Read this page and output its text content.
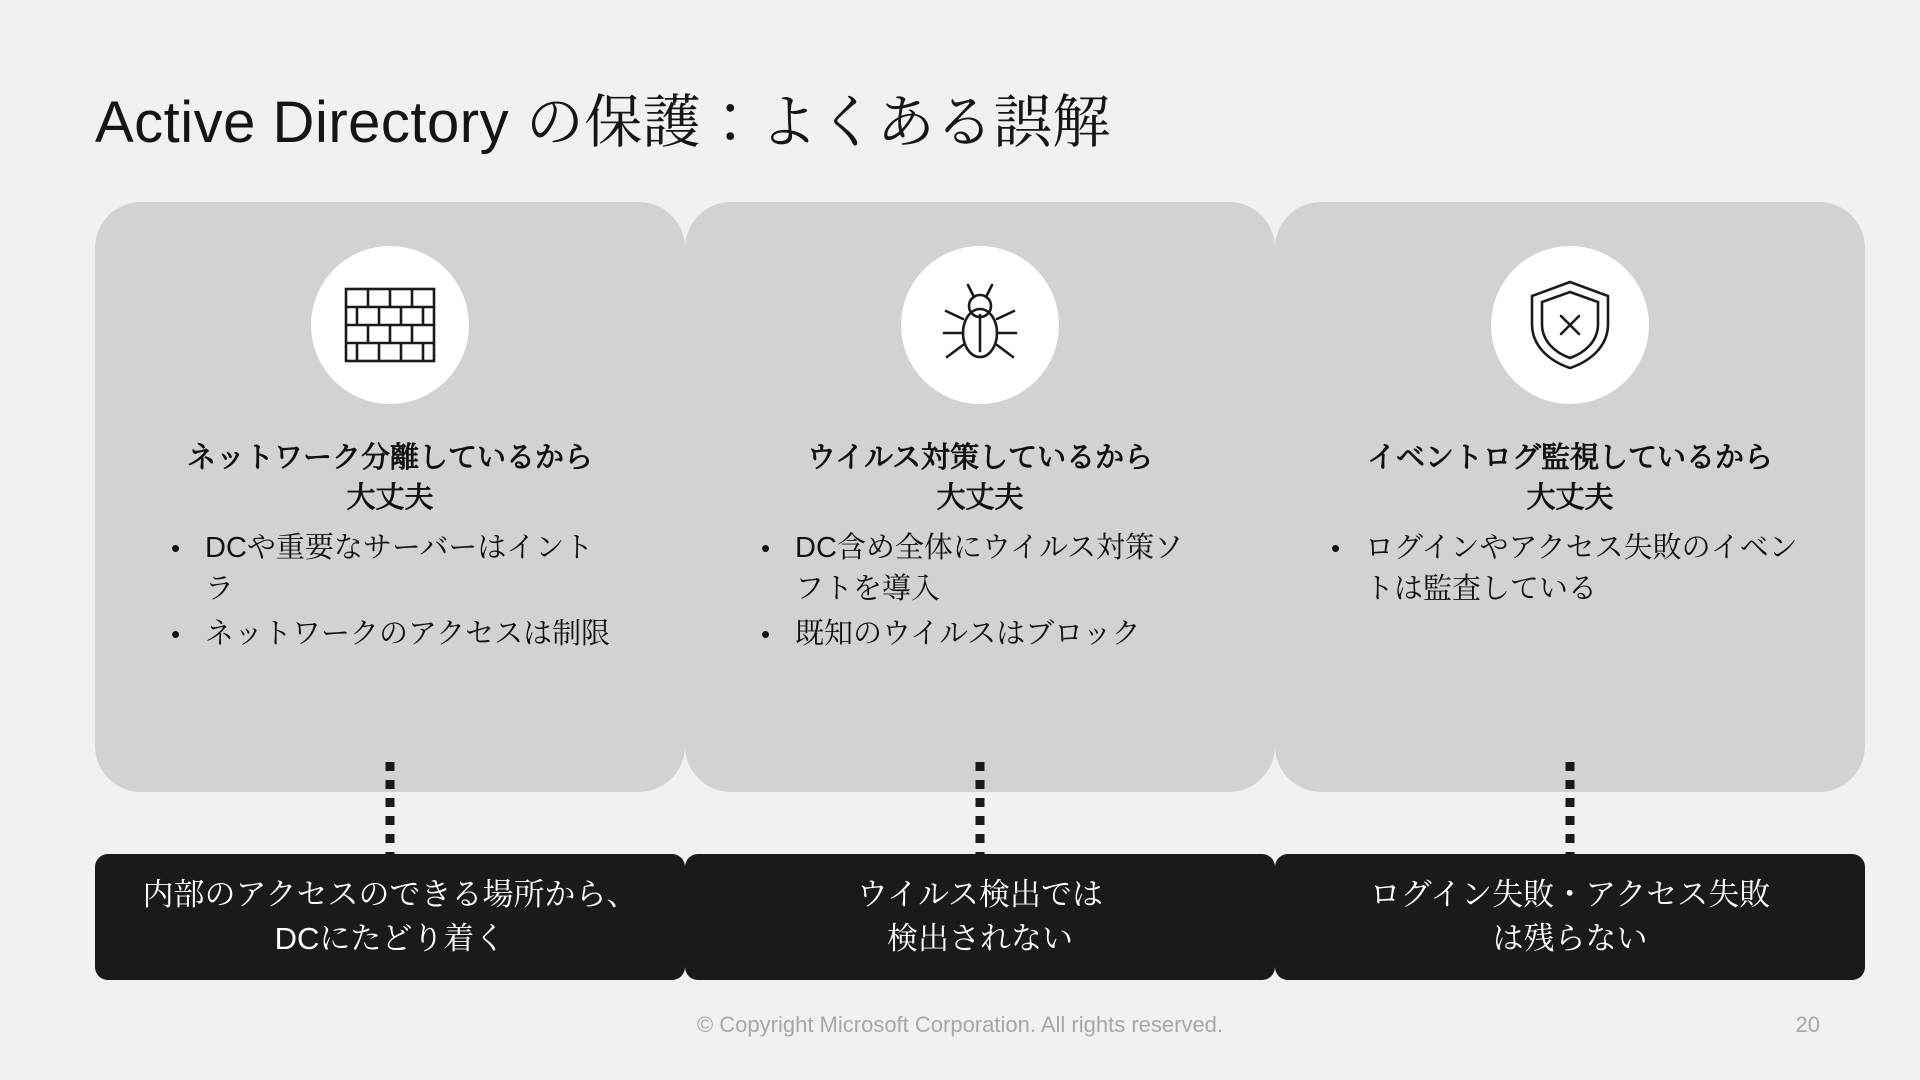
Active Directory の保護：よくある誤解
ネットワーク分離しているから
大丈夫
• DCや重要なサーバーはイントラ
• ネットワークのアクセスは制限
内部のアクセスのできる場所から、
DCにたどり着く
ウイルス対策しているから
大丈夫
• DC含め全体にウイルス対策ソフトを導入
• 既知のウイルスはブロック
ウイルス検出では
検出されない
イベントログ監視しているから
大丈夫
• ログインやアクセス失敗のイベントは監査している
ログイン失敗・アクセス失敗
は残らない
© Copyright Microsoft Corporation. All rights reserved.	20
